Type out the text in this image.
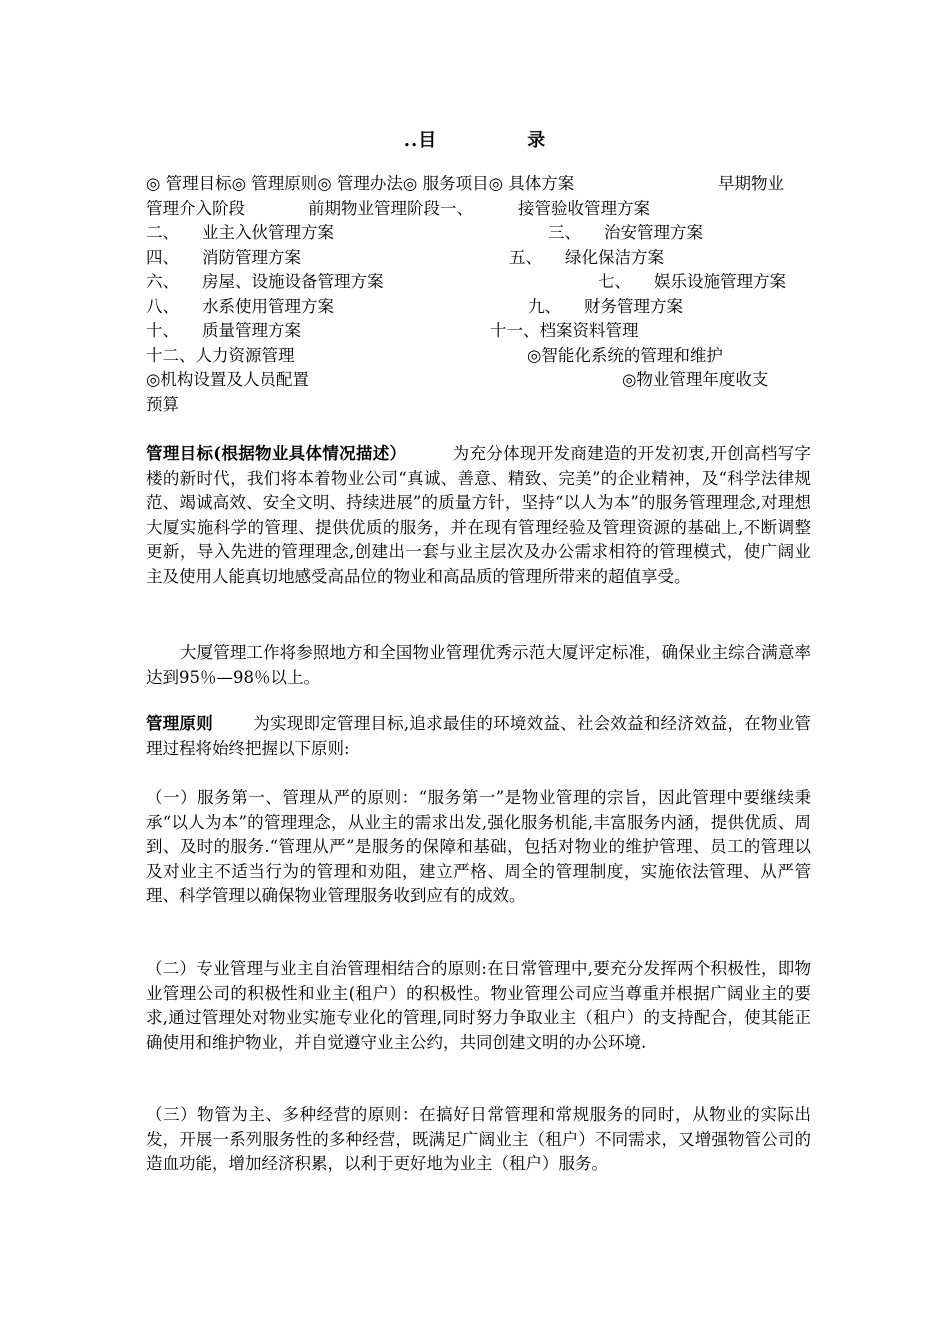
..目	录
◎ 管理目标◎ 管理原则◎ 管理办法◎ 服务项目◎ 具体方案	早期物业
管理介入阶段	前期物业管理阶段一、	接管验收管理方案
二、 业主入伙管理方案	三、 治安管理方案
四、 消防管理方案	五、 绿化保洁方案
六、 房屋、设施设备管理方案	七、 娱乐设施管理方案
八、 水系使用管理方案	九、 财务管理方案
十、 质量管理方案	十一、档案资料管理
十二、人力资源管理	◎智能化系统的管理和维护
◎机构设置及人员配置	◎物业管理年度收支
预算
管理目标(根据物业具体情况描述）	为充分体现开发商建造的开发初衷,开创高档写字楼的新时代，我们将本着物业公司“真诚、善意、精致、完美”的企业精神，及“科学法律规范、竭诚高效、安全文明、持续进展”的质量方针，坚持“以人为本”的服务管理理念,对理想大厦实施科学的管理、提供优质的服务，并在现有管理经验及管理资源的基础上,不断调整更新，导入先进的管理理念,创建出一套与业主层次及办公需求相符的管理模式，使广阔业主及使用人能真切地感受高品位的物业和高品质的管理所带来的超值享受。
大厦管理工作将参照地方和全国物业管理优秀示范大厦评定标准，确保业主综合满意率达到95％—98％以上。
管理原则 为实现即定管理目标,追求最佳的环境效益、社会效益和经济效益，在物业管理过程将始终把握以下原则:
（一）服务第一、管理从严的原则：“服务第一”是物业管理的宗旨，因此管理中要继续秉承“以人为本”的管理理念，从业主的需求出发,强化服务机能,丰富服务内涵，提供优质、周到、及时的服务.“管理从严”是服务的保障和基础，包括对物业的维护管理、员工的管理以及对业主不适当行为的管理和劝阻，建立严格、周全的管理制度，实施依法管理、从严管理、科学管理以确保物业管理服务收到应有的成效。
（二）专业管理与业主自治管理相结合的原则:在日常管理中,要充分发挥两个积极性，即物业管理公司的积极性和业主(租户）的积极性。物业管理公司应当尊重并根据广阔业主的要求,通过管理处对物业实施专业化的管理,同时努力争取业主（租户）的支持配合，使其能正确使用和维护物业，并自觉遵守业主公约，共同创建文明的办公环境.
（三）物管为主、多种经营的原则：在搞好日常管理和常规服务的同时，从物业的实际出发，开展一系列服务性的多种经营，既满足广阔业主（租户）不同需求，又增强物管公司的造血功能，增加经济积累，以利于更好地为业主（租户）服务。
